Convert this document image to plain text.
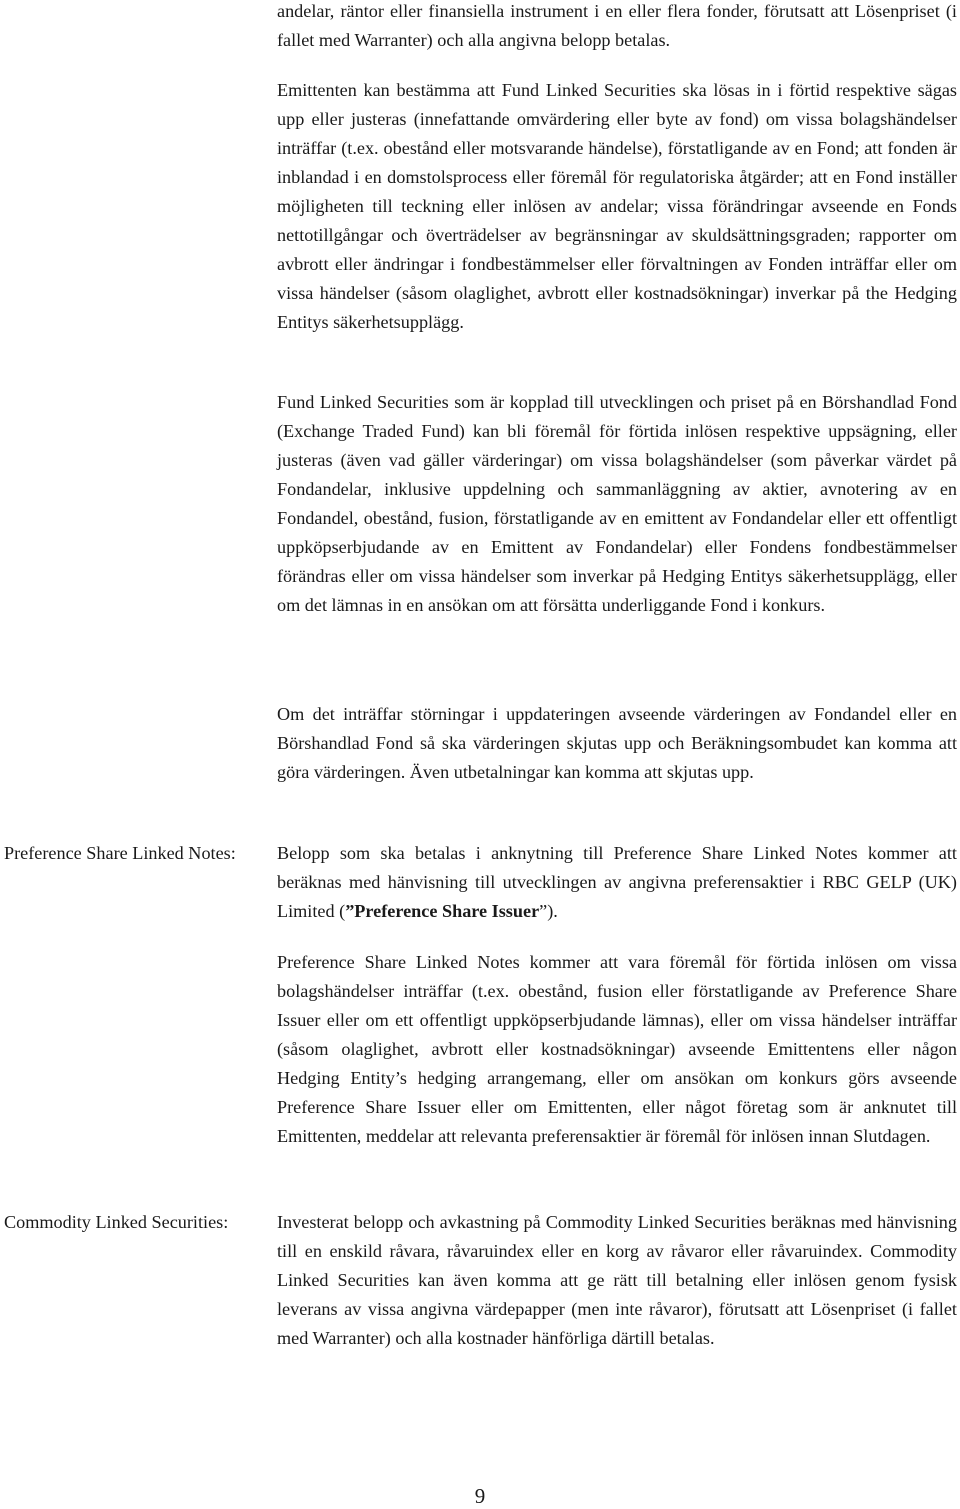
andelar, räntor eller finansiella instrument i en eller flera fonder, förutsatt att Lösenpriset (i fallet med Warranter) och alla angivna belopp betalas.

Emittenten kan bestämma att Fund Linked Securities ska lösas in i förtid respektive sägas upp eller justeras (innefattande omvärdering eller byte av fond) om vissa bolagshändelser inträffar (t.ex. obestånd eller motsvarande händelse), förstatligande av en Fond; att fonden är inblandad i en domstolsprocess eller föremål för regulatoriska åtgärder; att en Fond inställer möjligheten till teckning eller inlösen av andelar; vissa förändringar avseende en Fonds nettotillgångar och överträdelser av begränsningar av skuldsättningsgraden; rapporter om avbrott eller ändringar i fondbestämmelser eller förvaltningen av Fonden inträffar eller om vissa händelser (såsom olaglighet, avbrott eller kostnadsökningar) inverkar på the Hedging Entitys säkerhetsupplägg.

Fund Linked Securities som är kopplad till utvecklingen och priset på en Börshandlad Fond (Exchange Traded Fund) kan bli föremål för förtida inlösen respektive uppsägning, eller justeras (även vad gäller värderingar) om vissa bolagshändelser (som påverkar värdet på Fondandelar, inklusive uppdelning och sammanläggning av aktier, avnotering av en Fondandel, obestånd, fusion, förstatligande av en emittent av Fondandelar eller ett offentligt uppköpserbjudande av en Emittent av Fondandelar) eller Fondens fondbestämmelser förändras eller om vissa händelser som inverkar på Hedging Entitys säkerhetsupplägg, eller om det lämnas in en ansökan om att försätta underliggande Fond i konkurs.

Om det inträffar störningar i uppdateringen avseende värderingen av Fondandel eller en Börshandlad Fond så ska värderingen skjutas upp och Beräkningsombudet kan komma att göra värderingen. Även utbetalningar kan komma att skjutas upp.

Preference Share Linked Notes:	Belopp som ska betalas i anknytning till Preference Share Linked Notes kommer att beräknas med hänvisning till utvecklingen av angivna preferensaktier i RBC GELP (UK) Limited (”Preference Share Issuer”).

Preference Share Linked Notes kommer att vara föremål för förtida inlösen om vissa bolagshändelser inträffar (t.ex. obestånd, fusion eller förstatligande av Preference Share Issuer eller om ett offentligt uppköpserbjudande lämnas), eller om vissa händelser inträffar (såsom olaglighet, avbrott eller kostnadsökningar) avseende Emittentens eller någon Hedging Entity’s hedging arrangemang, eller om ansökan om konkurs görs avseende Preference Share Issuer eller om Emittenten, eller något företag som är anknutet till Emittenten, meddelar att relevanta preferensaktier är föremål för inlösen innan Slutdagen.

Commodity Linked Securities:	Investerat belopp och avkastning på Commodity Linked Securities beräknas med hänvisning till en enskild råvara, råvaruindex eller en korg av råvaror eller råvaruindex. Commodity Linked Securities kan även komma att ge rätt till betalning eller inlösen genom fysisk leverans av vissa angivna värdepapper (men inte råvaror), förutsatt att Lösenpriset (i fallet med Warranter) och alla kostnader hänförliga därtill betalas.

9
